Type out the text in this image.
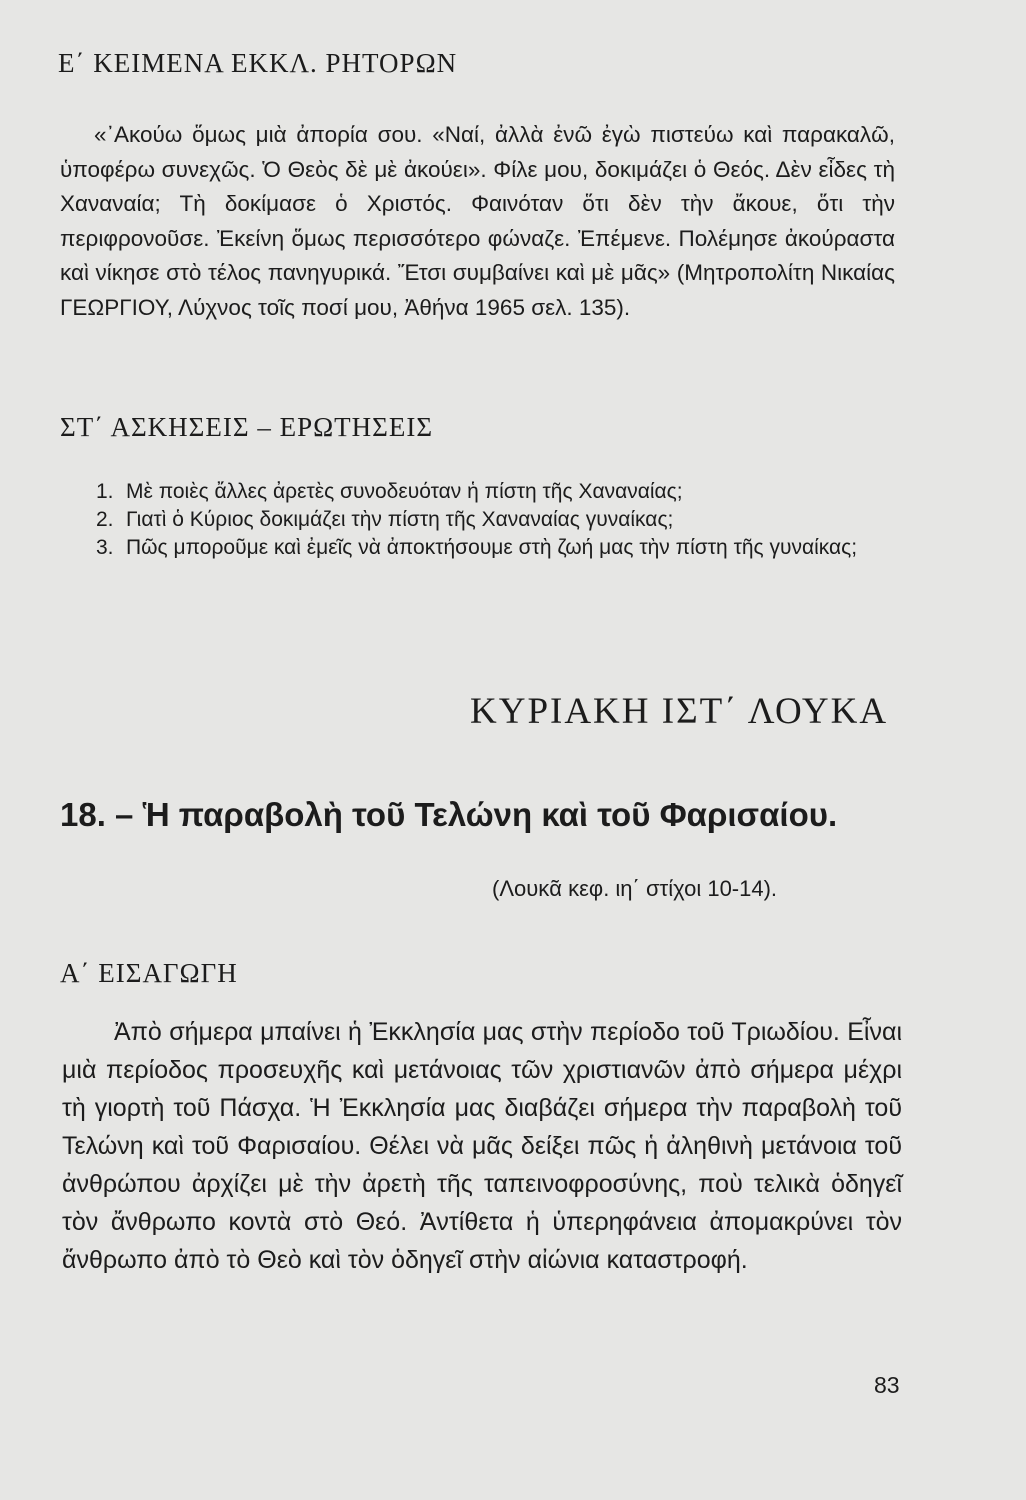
Ε΄ ΚΕΙΜΕΝΑ ΕΚΚΛ. ΡΗΤΟΡΩΝ

«᾿Ακούω ὅμως μιὰ ἀπορία σου. «Ναί, ἀλλὰ ἐνῶ ἐγὼ πιστεύω καὶ παρακαλῶ, ὑποφέρω συνεχῶς. Ὁ Θεὸς δὲ μὲ ἀκούει». Φίλε μου, δοκιμάζει ὁ Θεός. Δὲν εἶδες τὴ Χαναναία; Τὴ δοκίμασε ὁ Χριστός. Φαινόταν ὅτι δὲν τὴν ἄκουε, ὅτι τὴν περιφρονοῦσε. Ἐκείνη ὅμως περισσότερο φώναζε. Ἐπέμενε. Πολέμησε ἀκούραστα καὶ νίκησε στὸ τέλος πανηγυρικά. Ἔτσι συμβαίνει καὶ μὲ μᾶς» (Μητροπολίτη Νικαίας ΓΕΩΡΓΙΟΥ, Λύχνος τοῖς ποσί μου, Ἀθήνα 1965 σελ. 135).

ΣΤ΄ ΑΣΚΗΣΕΙΣ – ΕΡΩΤΗΣΕΙΣ
1. Μὲ ποιὲς ἄλλες ἀρετὲς συνοδευόταν ἡ πίστη τῆς Χαναναίας;
2. Γιατὶ ὁ Κύριος δοκιμάζει τὴν πίστη τῆς Χαναναίας γυναίκας;
3. Πῶς μποροῦμε καὶ ἐμεῖς νὰ ἀποκτήσουμε στὴ ζωή μας τὴν πίστη τῆς γυναίκας;
ΚΥΡΙΑΚΗ ΙΣΤ΄ ΛΟΥΚΑ
18. – Ἡ παραβολὴ τοῦ Τελώνη καὶ τοῦ Φαρισαίου.
(Λουκᾶ κεφ. ιη΄ στίχοι 10-14).
Α΄ ΕΙΣΑΓΩΓΗ

Ἀπὸ σήμερα μπαίνει ἡ Ἐκκλησία μας στὴν περίοδο τοῦ Τριωδίου. Εἶναι μιὰ περίοδος προσευχῆς καὶ μετάνοιας τῶν χριστιανῶν ἀπὸ σήμερα μέχρι τὴ γιορτὴ τοῦ Πάσχα. Ἡ Ἐκκλησία μας διαβάζει σήμερα τὴν παραβολὴ τοῦ Τελώνη καὶ τοῦ Φαρισαίου. Θέλει νὰ μᾶς δείξει πῶς ἡ ἀληθινὴ μετάνοια τοῦ ἀνθρώπου ἀρχίζει μὲ τὴν ἀρετὴ τῆς ταπεινοφροσύνης, ποὺ τελικὰ ὁδηγεῖ τὸν ἄνθρωπο κοντὰ στὸ Θεό. Ἀντίθετα ἡ ὑπερηφάνεια ἀπομακρύνει τὸν ἄνθρωπο ἀπὸ τὸ Θεὸ καὶ τὸν ὁδηγεῖ στὴν αἰώνια καταστροφή.

83
